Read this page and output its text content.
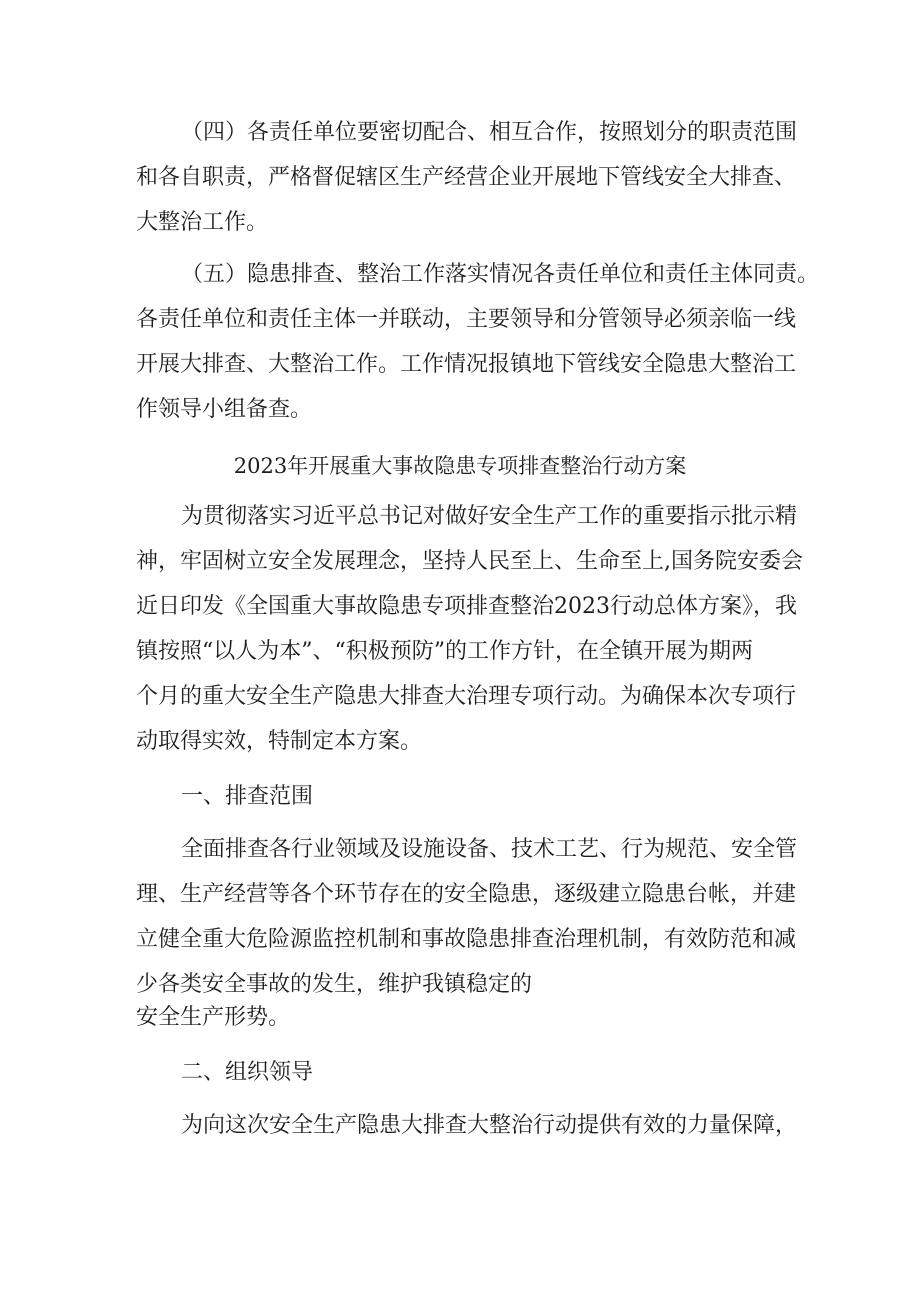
（四）各责任单位要密切配合、相互合作，按照划分的职责范围
和各自职责，严格督促辖区生产经营企业开展地下管线安全大排查、
大整治工作。
（五）隐患排查、整治工作落实情况各责任单位和责任主体同责。
各责任单位和责任主体一并联动，主要领导和分管领导必须亲临一线
开展大排查、大整治工作。工作情况报镇地下管线安全隐患大整治工
作领导小组备查。
2023年开展重大事故隐患专项排查整治行动方案
为贯彻落实习近平总书记对做好安全生产工作的重要指示批示精
神，牢固树立安全发展理念，坚持人民至上、生命至上,国务院安委会
近日印发《全国重大事故隐患专项排查整治2023行动总体方案》，我
镇按照“以人为本”、“积极预防”的工作方针，在全镇开展为期两
个月的重大安全生产隐患大排查大治理专项行动。为确保本次专项行
动取得实效，特制定本方案。
一、排查范围
全面排查各行业领域及设施设备、技术工艺、行为规范、安全管
理、生产经营等各个环节存在的安全隐患，逐级建立隐患台帐，并建
立健全重大危险源监控机制和事故隐患排查治理机制，有效防范和减
少各类安全事故的发生，维护我镇稳定的
安全生产形势。
二、组织领导
为向这次安全生产隐患大排查大整治行动提供有效的力量保障，
